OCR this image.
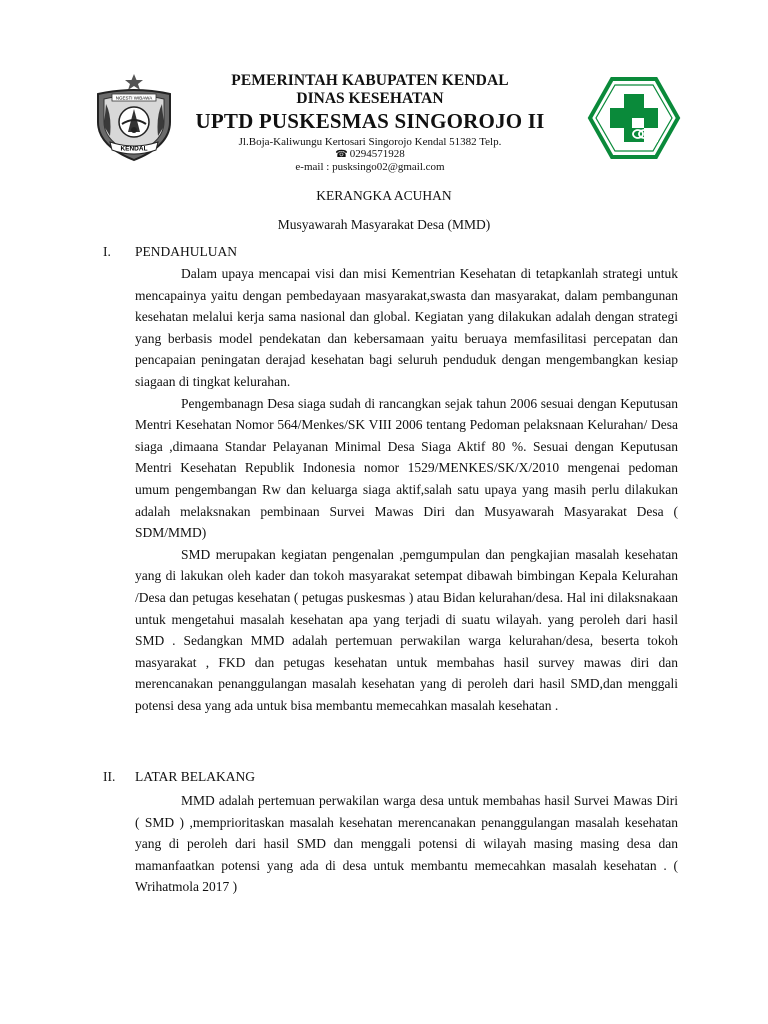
NGESTI WIBAWA
KENDAL
PEMERINTAH KABUPATEN KENDAL
DINAS KESEHATAN
UPTD PUSKESMAS SINGOROJO II
Jl.Boja-Kaliwungu Kertosari Singorojo Kendal 51382 Telp.
☎ 0294571928
e-mail : pusksingo02@gmail.com
KERANGKA ACUHAN
Musyawarah Masyarakat Desa (MMD)
I. PENDAHULUAN

Dalam upaya mencapai visi dan misi Kementrian Kesehatan di tetapkanlah strategi untuk mencapainya yaitu dengan pembedayaan masyarakat,swasta dan masyarakat, dalam pembangunan kesehatan melalui kerja sama nasional dan global. Kegiatan yang dilakukan adalah dengan strategi yang berbasis model pendekatan dan kebersamaan yaitu beruaya memfasilitasi percepatan dan pencapaian peningatan derajad kesehatan bagi seluruh penduduk dengan mengembangkan kesiap siagaan di tingkat kelurahan.

Pengembanagn Desa siaga sudah di rancangkan sejak tahun 2006 sesuai dengan Keputusan Mentri Kesehatan Nomor 564/Menkes/SK VIII 2006 tentang Pedoman pelaksnaan Kelurahan/ Desa siaga ,dimaana Standar Pelayanan Minimal Desa Siaga Aktif 80 %. Sesuai dengan Keputusan Mentri Kesehatan Republik Indonesia nomor 1529/MENKES/SK/X/2010 mengenai pedoman umum pengembangan Rw dan keluarga siaga aktif,salah satu upaya yang masih perlu dilakukan adalah melaksnakan pembinaan Survei Mawas Diri dan Musyawarah Masyarakat Desa ( SDM/MMD)

SMD merupakan kegiatan pengenalan ,pemgumpulan dan pengkajian masalah kesehatan yang di lakukan oleh kader dan tokoh masyarakat setempat dibawah bimbingan Kepala Kelurahan /Desa dan petugas kesehatan ( petugas puskesmas ) atau Bidan kelurahan/desa. Hal ini dilaksnakaan untuk mengetahui masalah kesehatan apa yang terjadi di suatu wilayah. yang peroleh dari hasil SMD . Sedangkan MMD adalah pertemuan perwakilan warga kelurahan/desa, beserta tokoh masyarakat , FKD dan petugas kesehatan untuk membahas hasil survey mawas diri dan merencanakan penanggulangan masalah kesehatan yang di peroleh dari hasil SMD,dan menggali potensi desa yang ada untuk bisa membantu memecahkan masalah kesehatan .

II. LATAR BELAKANG

MMD adalah pertemuan perwakilan warga desa untuk membahas hasil Survei Mawas Diri ( SMD ) ,memprioritaskan masalah kesehatan merencanakan penanggulangan masalah kesehatan yang di peroleh dari hasil SMD dan menggali potensi di wilayah masing masing desa dan mamanfaatkan potensi yang ada di desa untuk membantu memecahkan masalah kesehatan . ( Wrihatmola 2017 )
